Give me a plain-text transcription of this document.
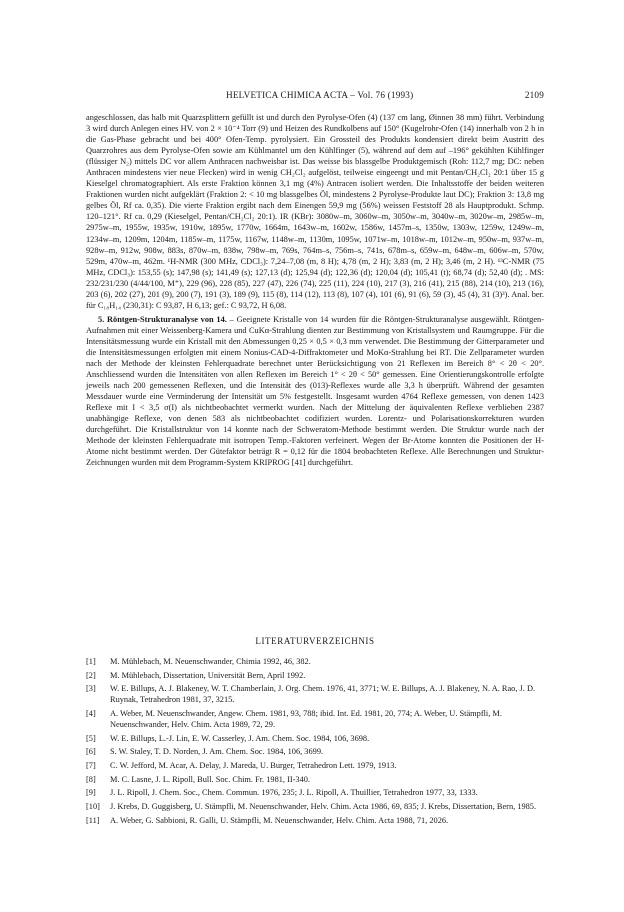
HELVETICA CHIMICA ACTA – Vol. 76 (1993)	2109

angeschlossen, das halb mit Quarzsplittern gefüllt ist und durch den Pyrolyse-Ofen (4) (137 cm lang, Øinnen 38 mm) führt. Verbindung 3 wird durch Anlegen eines HV. von 2 × 10⁻⁴ Torr (9) und Heizen des Rundkolbens auf 150° (Kugelrohr-Ofen (14) innerhalb von 2 h in die Gas-Phase gebracht und bei 400° Ofen-Temp. pyrolysiert. Ein Grossteil des Produkts kondensiert direkt beim Austritt des Quarzrohres aus dem Pyrolyse-Ofen sowie am Kühlmantel um den Kühlfinger (5), während auf dem auf –196° gekühlten Kühlfinger (flüssiger N₂) mittels DC vor allem Anthracen nachweisbar ist. Das weisse bis blassgelbe Produktgemisch (Roh: 112,7 mg; DC: neben Anthracen mindestens vier neue Flecken) wird in wenig CH₂Cl₂ aufgelöst, teilweise eingeengt und mit Pentan/CH₂Cl₂ 20:1 über 15 g Kieselgel chromatographiert. Als erste Fraktion können 3,1 mg (4%) Antracen isoliert werden. Die Inhaltsstoffe der beiden weiteren Fraktionen wurden nicht aufgeklärt (Fraktion 2: < 10 mg blassgelbes Öl, mindestens 2 Pyrolyse-Produkte laut DC); Fraktion 3: 13,8 mg gelbes Öl, Rf ca. 0,35). Die vierte Fraktion ergibt nach dem Einengen 59,9 mg (56%) weissen Feststoff 28 als Hauptprodukt. Schmp. 120–121°. Rf ca. 0,29 (Kieselgel, Pentan/CH₂Cl₂ 20:1). IR (KBr): 3080w–m, 3060w–m, 3050w–m, 3040w–m, 3020w–m, 2985w–m, 2975w–m, 1955w, 1935w, 1910w, 1895w, 1770w, 1664m, 1643w–m, 1602w, 1586w, 1457m–s, 1350w, 1303w, 1259w, 1249w–m, 1234w–m, 1209m, 1204m, 1185w–m, 1175w, 1167w, 1148w–m, 1130m, 1095w, 1071w–m, 1018w–m, 1012w–m, 950w–m, 937w–m, 928w–m, 912w, 908w, 883s, 870w–m, 838w, 798w–m, 769s, 764m–s, 756m–s, 741s, 678m–s, 659w–m, 648w–m, 606w–m, 570w, 529m, 470w–m, 462m. ¹H-NMR (300 MHz, CDCl₃): 7,24–7,08 (m, 8 H); 4,78 (m, 2 H); 3,83 (m, 2 H); 3,46 (m, 2 H). ¹³C-NMR (75 MHz, CDCl₃): 153,55 (s); 147,98 (s); 141,49 (s); 127,13 (d); 125,94 (d); 122,36 (d); 120,04 (d); 105,41 (t); 68,74 (d); 52,40 (d); . MS: 232/231/230 (4/44/100, M⁺), 229 (96), 228 (85), 227 (47), 226 (74), 225 (11), 224 (10), 217 (3), 216 (41), 215 (88), 214 (10), 213 (16), 203 (6), 202 (27), 201 (9), 200 (7), 191 (3), 189 (9), 115 (8), 114 (12), 113 (8), 107 (4), 101 (6), 91 (6), 59 (3), 45 (4), 31 (3)³). Anal. ber. für C₁₈H₁₄ (230,31): C 93,87, H 6,13; gef.: C 93,72, H 6,08.

5. Röntgen-Strukturanalyse von 14. – Geeignete Kristalle von 14 wurden für die Röntgen-Strukturanalyse ausgewählt. Röntgen-Aufnahmen mit einer Weissenberg-Kamera und CuKα-Strahlung dienten zur Bestimmung von Kristallsystem und Raumgruppe. Für die Intensitätsmessung wurde ein Kristall mit den Abmessungen 0,25 × 0,5 × 0,3 mm verwendet. Die Bestimmung der Gitterparameter und die Intensitätsmessungen erfolgten mit einem Nonius-CAD-4-Diffraktometer und MoKα-Strahlung bei RT. Die Zellparameter wurden nach der Methode der kleinsten Fehlerquadrate berechnet unter Berücksichtigung von 21 Reflexen im Bereich 8° < 2θ < 20°. Anschliessend wurden die Intensitäten von allen Reflexen im Bereich 1° < 2θ < 50° gemessen. Eine Orientierungskontrolle erfolgte jeweils nach 200 gemessenen Reflexen, und die Intensität des (013)-Reflexes wurde alle 3,3 h überprüft. Während der gesamten Messdauer wurde eine Verminderung der Intensität um 5% festgestellt. Insgesamt wurden 4764 Reflexe gemessen, von denen 1423 Reflexe mit I < 3,5 σ(I) als nichtbeobachtet vermerkt wurden. Nach der Mittelung der äquivalenten Reflexe verblieben 2387 unabhängige Reflexe, von denen 583 als nichtbeobachtet codifiziert wurden. Lorentz- und Polarisationskorrekturen wurden durchgeführt. Die Kristallstruktur von 14 konnte nach der Schweratom-Methode bestimmt werden. Die Struktur wurde nach der Methode der kleinsten Fehlerquadrate mit isotropen Temp.-Faktoren verfeinert. Wegen der Br-Atome konnten die Positionen der H-Atome nicht bestimmt werden. Der Gütefaktor beträgt R = 0,12 für die 1804 beobachteten Reflexe. Alle Berechnungen und Struktur-Zeichnungen wurden mit dem Programm-System KRIPROG [41] durchgeführt.

LITERATURVERZEICHNIS
[1] M. Mühlebach, M. Neuenschwander, Chimia 1992, 46, 382.
[2] M. Mühlebach, Dissertation, Universität Bern, April 1992.
[3] W. E. Billups, A. J. Blakeney, W. T. Chamberlain, J. Org. Chem. 1976, 41, 3771; W. E. Billups, A. J. Blakeney, N. A. Rao, J. D. Ruynak, Tetrahedron 1981, 37, 3215.
[4] A. Weber, M. Neuenschwander, Angew. Chem. 1981, 93, 788; ibid. Int. Ed. 1981, 20, 774; A. Weber, U. Stämpfli, M. Neuenschwander, Helv. Chim. Acta 1989, 72, 29.
[5] W. E. Billups, L.-J. Lin, E. W. Casserley, J. Am. Chem. Soc. 1984, 106, 3698.
[6] S. W. Staley, T. D. Norden, J. Am. Chem. Soc. 1984, 106, 3699.
[7] C. W. Jefford, M. Acar, A. Delay, J. Mareda, U. Burger, Tetrahedron Lett. 1979, 1913.
[8] M. C. Lasne, J. L. Ripoll, Bull. Soc. Chim. Fr. 1981, II-340.
[9] J. L. Ripoll, J. Chem. Soc., Chem. Commun. 1976, 235; J. L. Ripoll, A. Thuillier, Tetrahedron 1977, 33, 1333.
[10] J. Krebs, D. Guggisberg, U. Stämpfli, M. Neuenschwander, Helv. Chim. Acta 1986, 69, 835; J. Krebs, Dissertation, Bern, 1985.
[11] A. Weber, G. Sabbioni, R. Galli, U. Stämpfli, M. Neuenschwander, Helv. Chim. Acta 1988, 71, 2026.
